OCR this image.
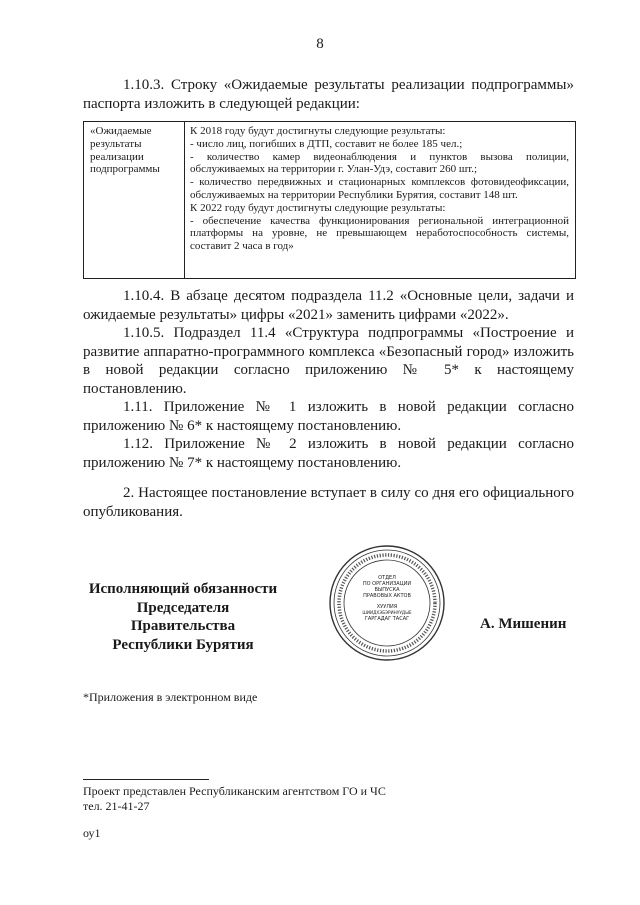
8
1.10.3. Строку «Ожидаемые результаты реализации подпрограммы» паспорта изложить в следующей редакции:
«Ожидаемые результаты реализации подпрограммы
К 2018 году будут достигнуты следующие результаты:
- число лиц, погибших в ДТП, составит не более 185 чел.;
- количество камер видеонаблюдения и пунктов вызова полиции, обслуживаемых на территории г. Улан-Удэ, составит 260 шт.;
- количество передвижных и стационарных комплексов фотовидеофиксации, обслуживаемых на территории Республики Бурятия, составит 148 шт.
К 2022 году будут достигнуты следующие результаты:
- обеспечение качества функционирования региональной интеграционной платформы на уровне, не превышающем неработоспособность системы, составит 2 часа в год»
1.10.4. В абзаце десятом подраздела 11.2 «Основные цели, задачи и ожидаемые результаты» цифры «2021» заменить цифрами «2022».
1.10.5. Подраздел 11.4 «Структура подпрограммы «Построение и развитие аппаратно-программного комплекса «Безопасный город» изложить в новой редакции согласно приложению № 5* к настоящему постановлению.
1.11. Приложение № 1 изложить в новой редакции согласно приложению № 6* к настоящему постановлению.
1.12. Приложение № 2 изложить в новой редакции согласно приложению № 7* к настоящему постановлению.
2. Настоящее постановление вступает в силу со дня его официального опубликования.
Исполняющий обязанности
Председателя Правительства
Республики Бурятия
ОТДЕЛ
ПО ОРГАНИЗАЦИИ
ВЫПУСКА
ПРАВОВЫХ АКТОВ
ХУУЛИЯ
ШИИДХЭБЭРИНУУДЫЕ
ГАРГАДАГ ТАСАГ	А. Мишенин
*Приложения в электронном виде
Проект представлен Республиканским агентством ГО и ЧС
тел. 21-41-27
оу1
